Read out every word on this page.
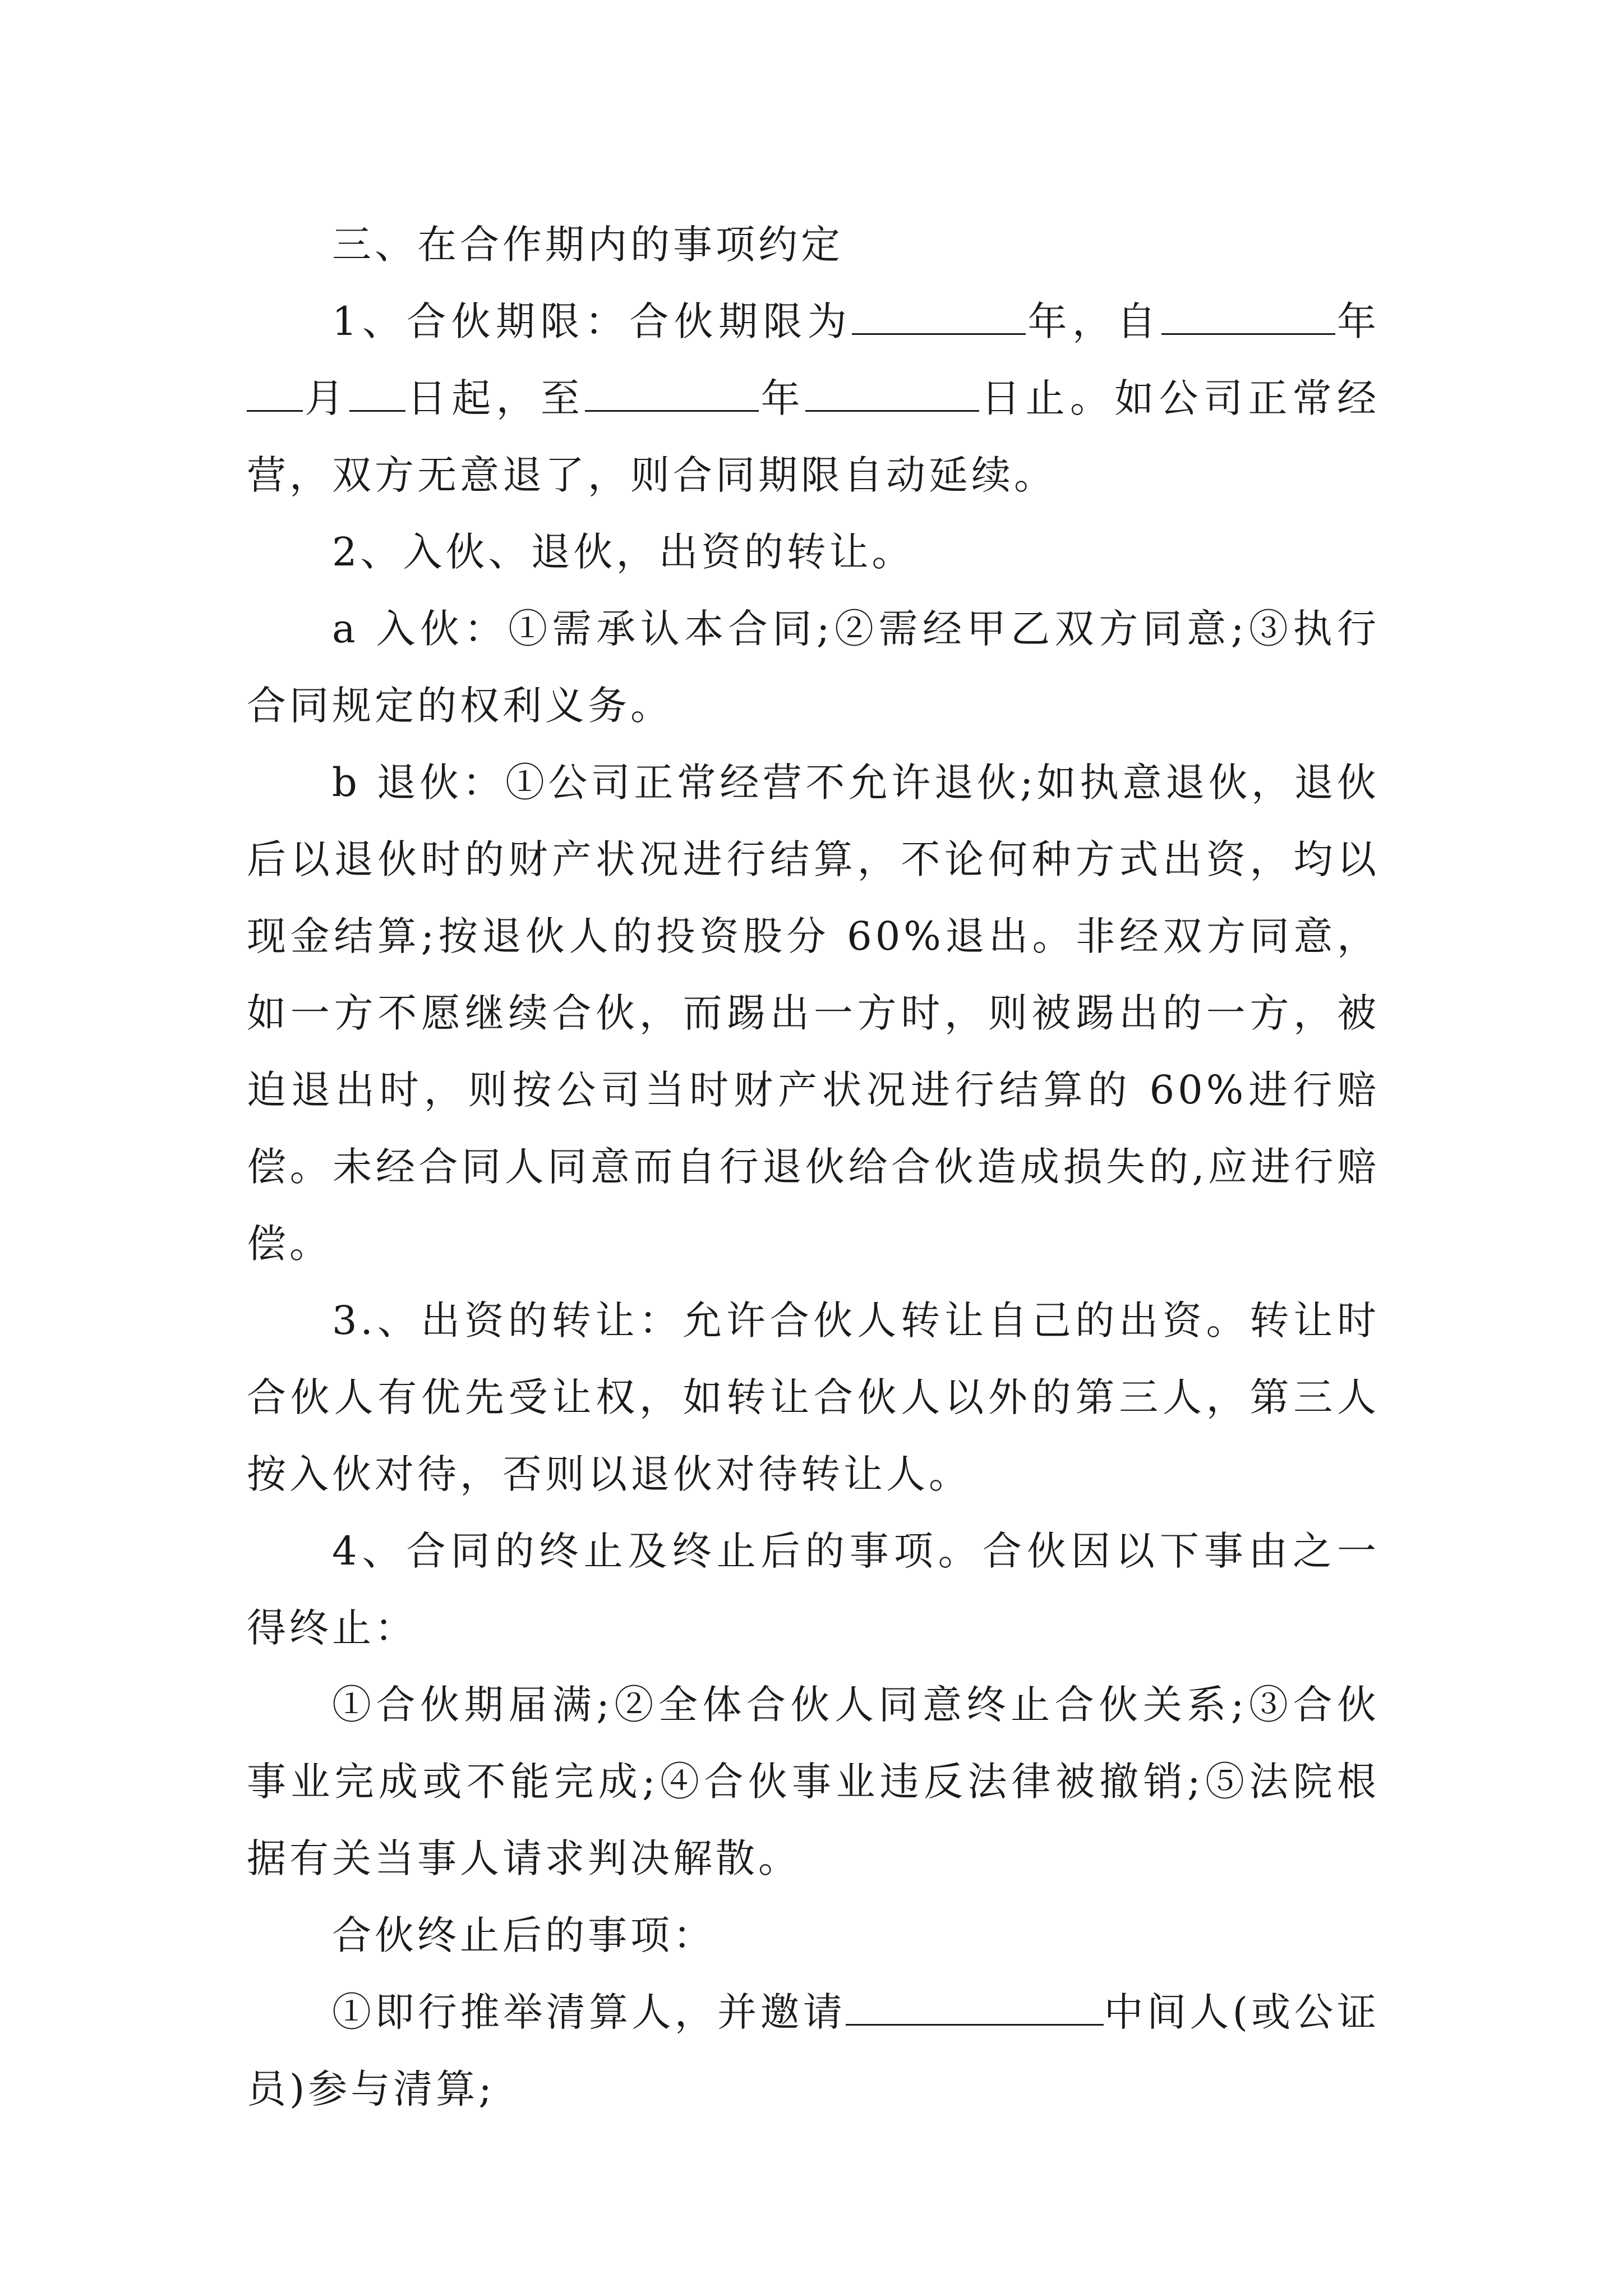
三、在合作期内的事项约定

1、合伙期限：合伙期限为	年，自	年月 日起，至	年	日止。如公司正常经营，双方无意退了，则合同期限自动延续。

2、入伙、退伙，出资的转让。

a 入伙：①需承认本合同;②需经甲乙双方同意;③执行合同规定的权利义务。

b 退伙：①公司正常经营不允许退伙;如执意退伙，退伙后以退伙时的财产状况进行结算，不论何种方式出资，均以现金结算;按退伙人的投资股分 60%退出。非经双方同意，如一方不愿继续合伙，而踢出一方时，则被踢出的一方，被迫退出时，则按公司当时财产状况进行结算的 60%进行赔偿。未经合同人同意而自行退伙给合伙造成损失的,应进行赔偿。

3.、出资的转让：允许合伙人转让自己的出资。转让时合伙人有优先受让权，如转让合伙人以外的第三人，第三人按入伙对待，否则以退伙对待转让人。

4、合同的终止及终止后的事项。合伙因以下事由之一得终止：

①合伙期届满;②全体合伙人同意终止合伙关系;③合伙事业完成或不能完成;④合伙事业违反法律被撤销;⑤法院根据有关当事人请求判决解散。

合伙终止后的事项：

①即行推举清算人，并邀请	中间人(或公证员)参与清算;
